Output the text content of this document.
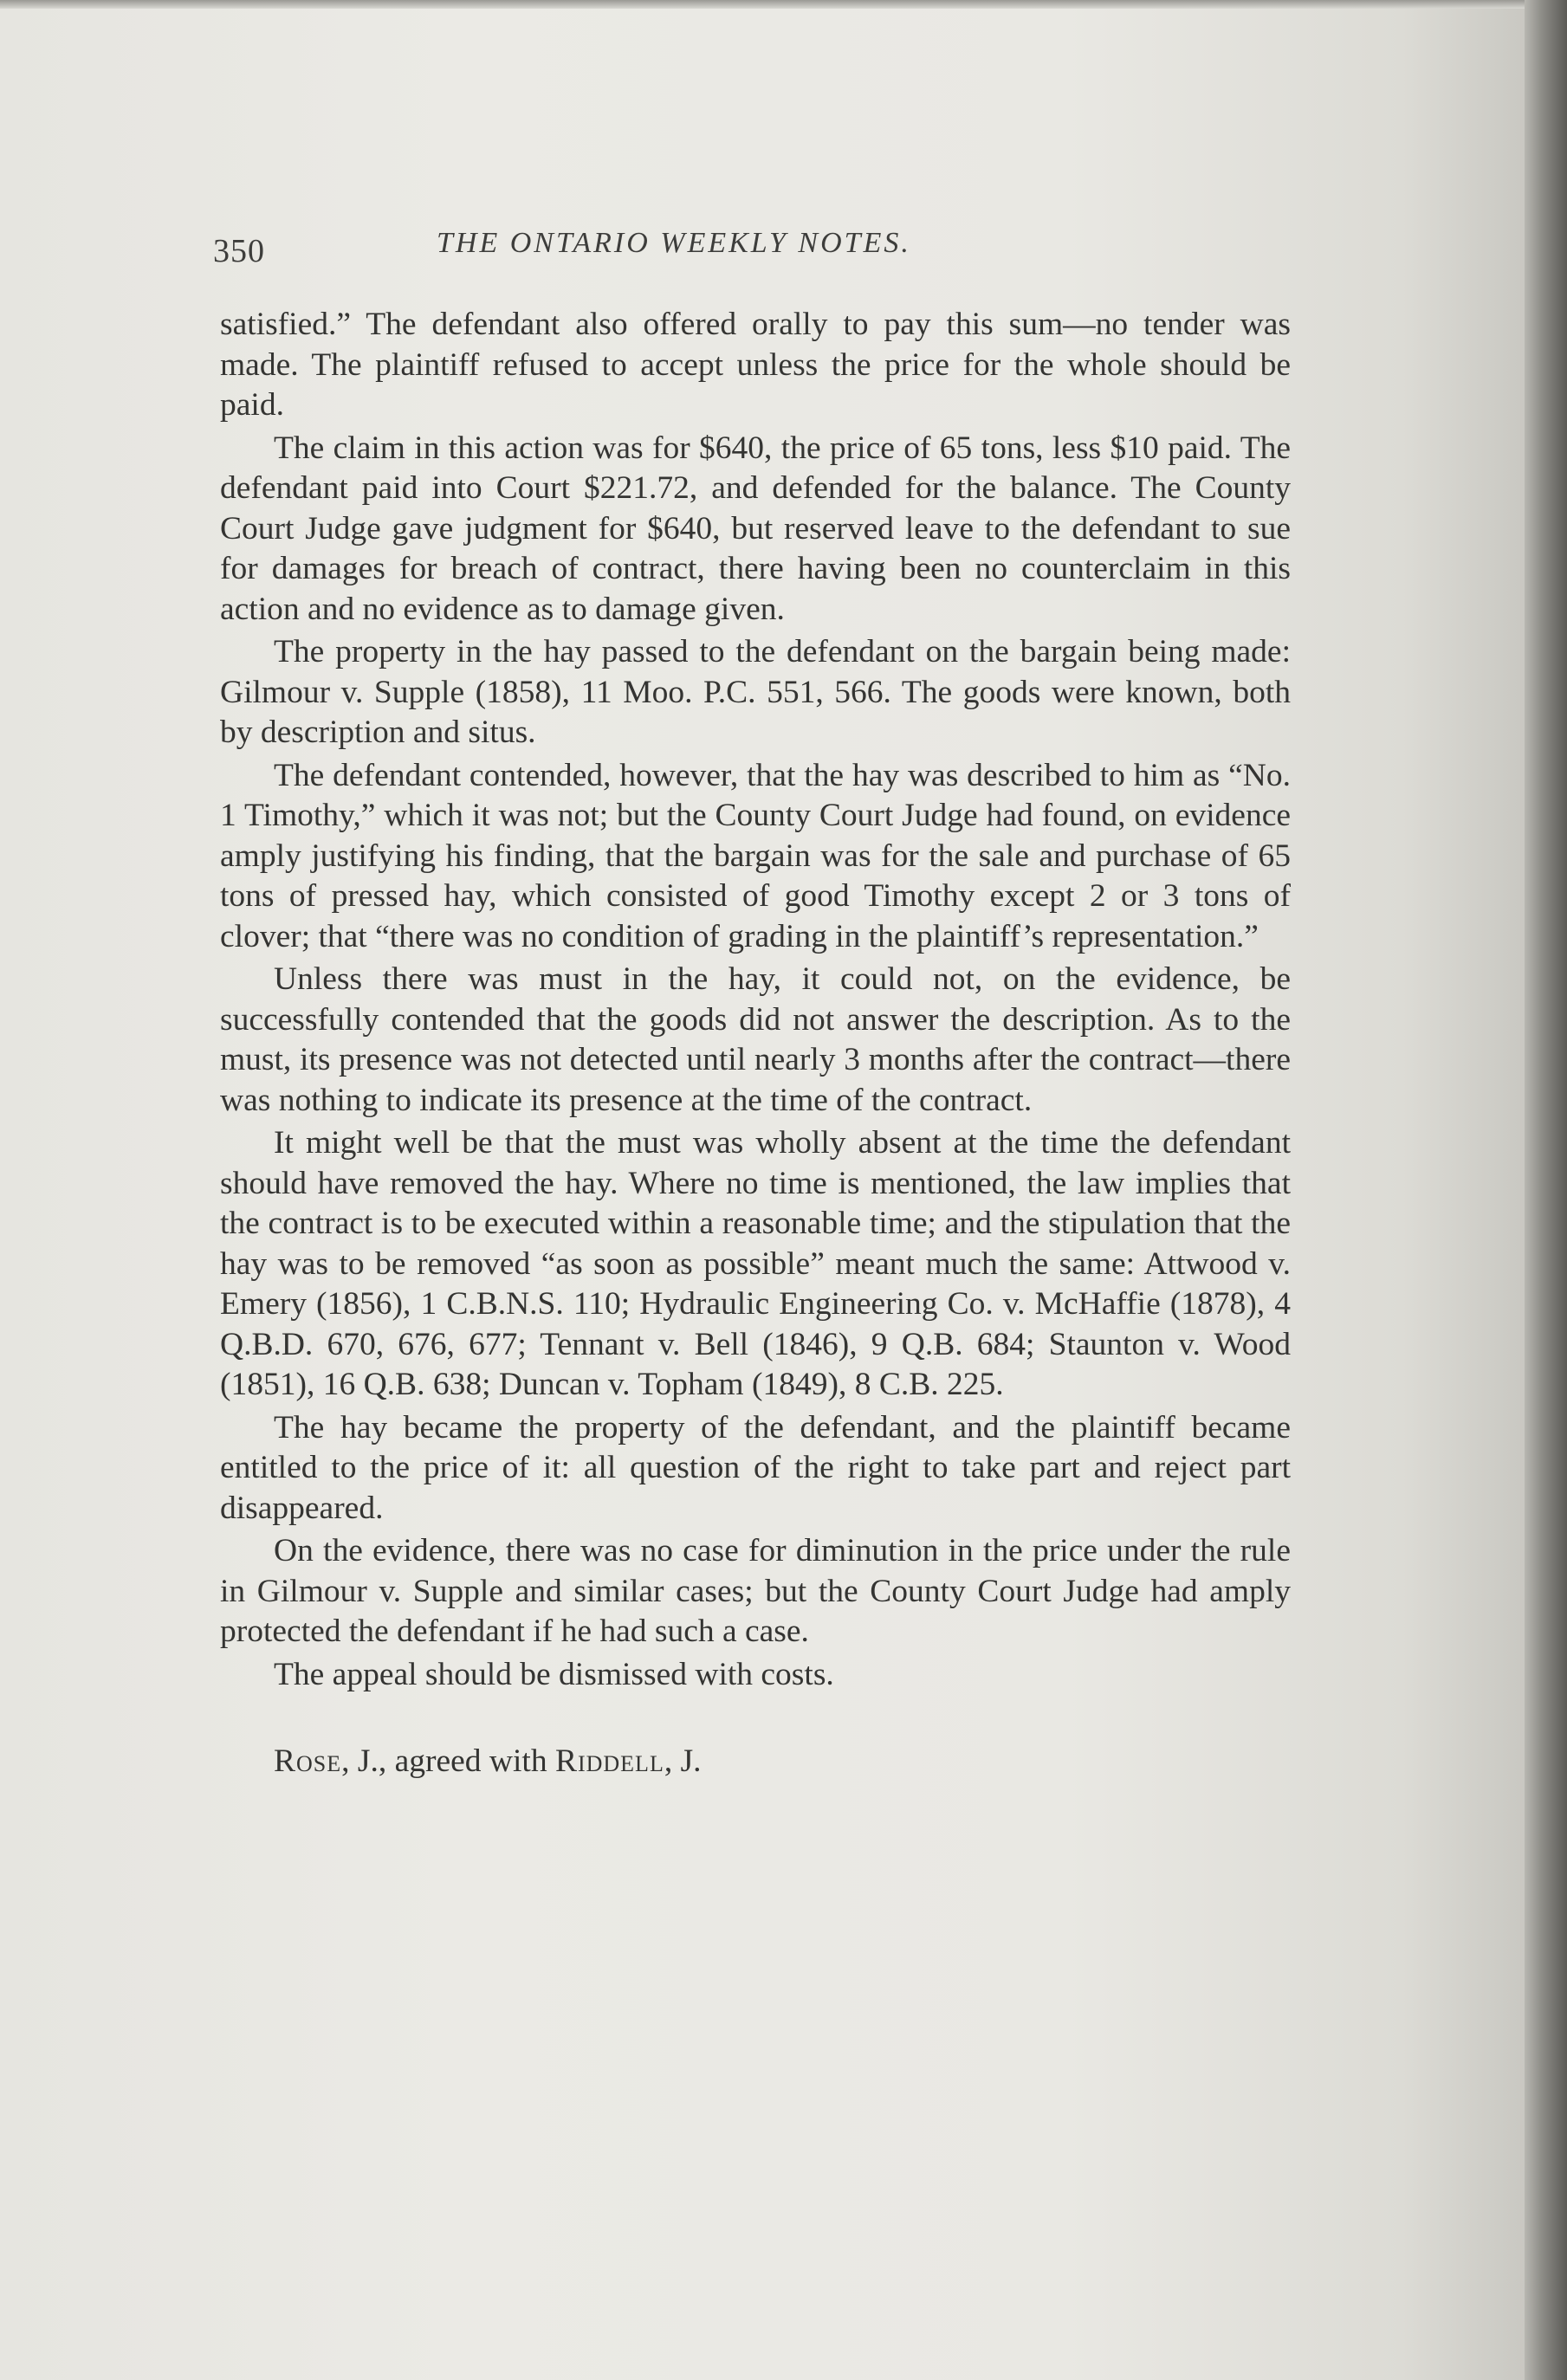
350	THE ONTARIO WEEKLY NOTES.

satisfied.” The defendant also offered orally to pay this sum—no tender was made. The plaintiff refused to accept unless the price for the whole should be paid.

The claim in this action was for $640, the price of 65 tons, less $10 paid. The defendant paid into Court $221.72, and defended for the balance. The County Court Judge gave judgment for $640, but reserved leave to the defendant to sue for damages for breach of contract, there having been no counterclaim in this action and no evidence as to damage given.

The property in the hay passed to the defendant on the bargain being made: Gilmour v. Supple (1858), 11 Moo. P.C. 551, 566. The goods were known, both by description and situs.

The defendant contended, however, that the hay was described to him as “No. 1 Timothy,” which it was not; but the County Court Judge had found, on evidence amply justifying his finding, that the bargain was for the sale and purchase of 65 tons of pressed hay, which consisted of good Timothy except 2 or 3 tons of clover; that “there was no condition of grading in the plaintiff’s representation.”

Unless there was must in the hay, it could not, on the evidence, be successfully contended that the goods did not answer the description. As to the must, its presence was not detected until nearly 3 months after the contract—there was nothing to indicate its presence at the time of the contract.

It might well be that the must was wholly absent at the time the defendant should have removed the hay. Where no time is mentioned, the law implies that the contract is to be executed within a reasonable time; and the stipulation that the hay was to be removed “as soon as possible” meant much the same: Attwood v. Emery (1856), 1 C.B.N.S. 110; Hydraulic Engineering Co. v. McHaffie (1878), 4 Q.B.D. 670, 676, 677; Tennant v. Bell (1846), 9 Q.B. 684; Staunton v. Wood (1851), 16 Q.B. 638; Duncan v. Topham (1849), 8 C.B. 225.

The hay became the property of the defendant, and the plaintiff became entitled to the price of it: all question of the right to take part and reject part disappeared.

On the evidence, there was no case for diminution in the price under the rule in Gilmour v. Supple and similar cases; but the County Court Judge had amply protected the defendant if he had such a case.

The appeal should be dismissed with costs.

Rose, J., agreed with Riddell, J.
